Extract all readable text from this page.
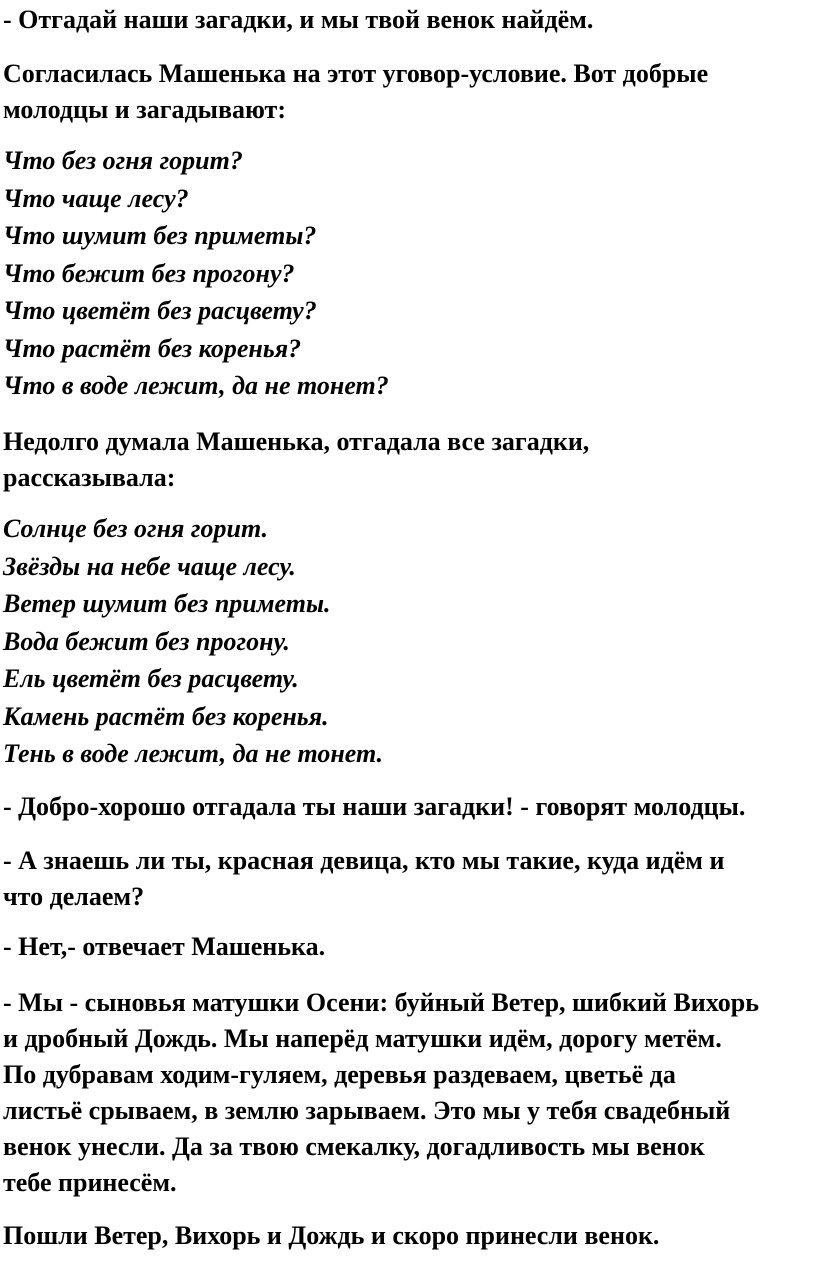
- Отгадай наши загадки, и мы твой венок найдём.

Согласилась Машенька на этот уговор-условие. Вот добрые
молодцы и загадывают:

Что без огня горит?
Что чаще лесу?
Что шумит без приметы?
Что бежит без прогону?
Что цветёт без расцвету?
Что растёт без коренья?
Что в воде лежит, да не тонет?

Недолго думала Машенька, отгадала все загадки,
рассказывала:

Солнце без огня горит.
Звёзды на небе чаще лесу.
Ветер шумит без приметы.
Вода бежит без прогону.
Ель цветёт без расцвету.
Камень растёт без коренья.
Тень в воде лежит, да не тонет.

- Добро-хорошо отгадала ты наши загадки! - говорят молодцы.

- А знаешь ли ты, красная девица, кто мы такие, куда идём и
что делаем?

- Нет,- отвечает Машенька.

- Мы - сыновья матушки Осени: буйный Ветер, шибкий Вихорь
и дробный Дождь. Мы наперёд матушки идём, дорогу метём.
По дубравам ходим-гуляем, деревья раздеваем, цветьё да
листьё срываем, в землю зарываем. Это мы у тебя свадебный
венок унесли. Да за твою смекалку, догадливость мы венок
тебе принесём.

Пошли Ветер, Вихорь и Дождь и скоро принесли венок.
